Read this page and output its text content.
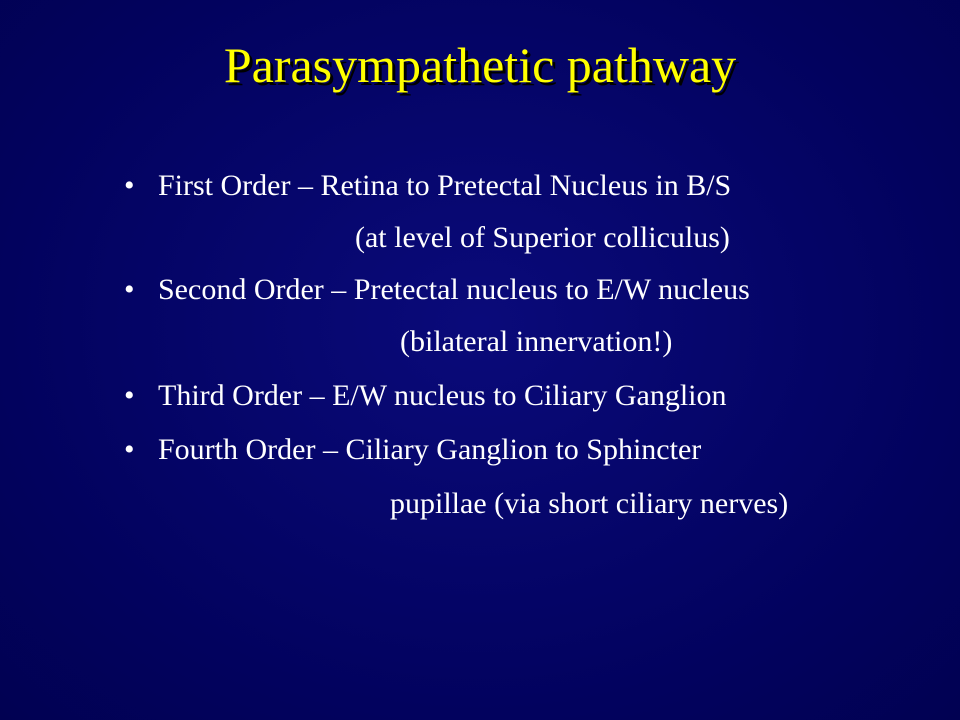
Parasympathetic pathway
• First Order – Retina to Pretectal Nucleus in B/S
(at level of Superior colliculus)
• Second Order – Pretectal nucleus to E/W nucleus
(bilateral innervation!)
• Third Order – E/W nucleus to Ciliary Ganglion
• Fourth Order – Ciliary Ganglion to Sphincter
pupillae (via short ciliary nerves)
